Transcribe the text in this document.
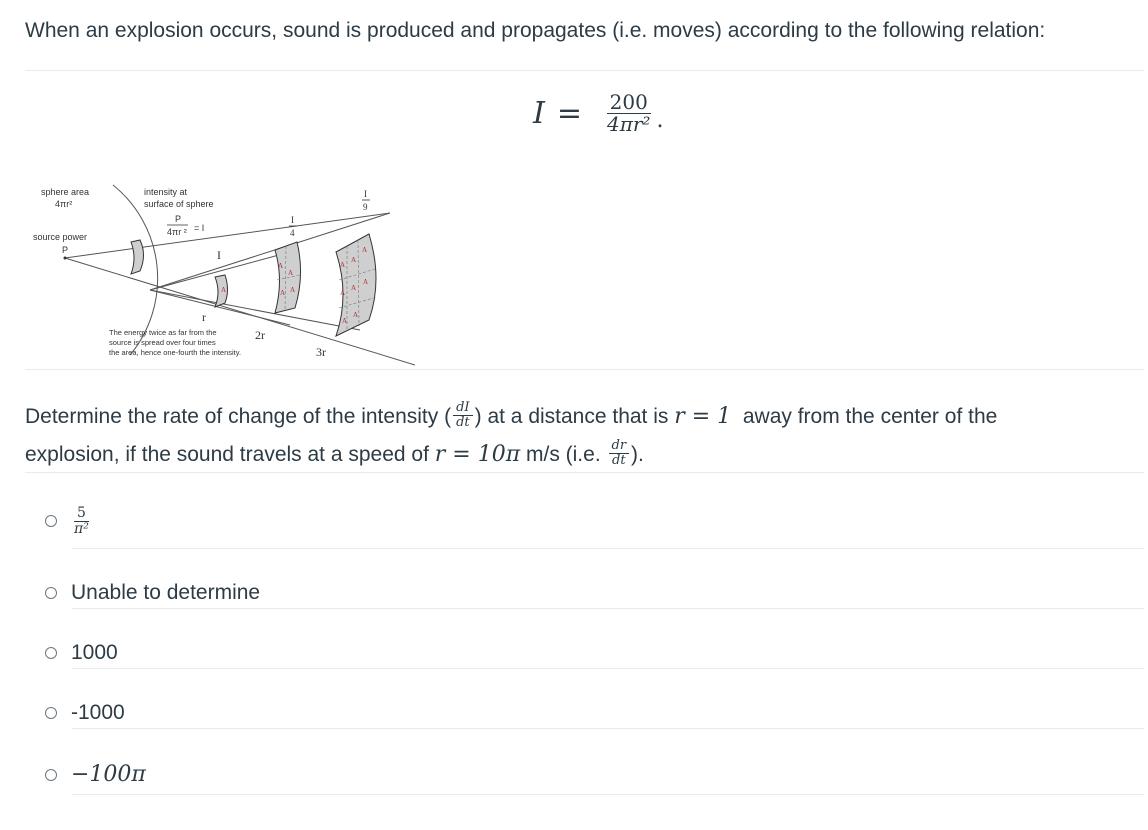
When an explosion occurs, sound is produced and propagates (i.e. moves) according to the following relation:
$I = \frac{200}{\text{4πr²}}$ .
A
A
A
A A
A
A
A
A
A
A
A
A
sphere area
4πr²
intensity at
surface of sphere
P
4πr ² = I
source power
P	I
r
2r
3r
I
4
I
9
The energy twice as far from the
source is spread over four times
the area, hence one-fourth the intensity.
Determine the rate of change of the intensity ( $\frac{dI}{dt}$ ) at a distance that is r = 1 away from the center of the
explosion, if the sound travels at a speed of r = 10π m/s (i.e. $\frac{dr}{dt}$ ).
$\frac{5}{\text{π²}}$
Unable to determine
1000
-1000
−100π
